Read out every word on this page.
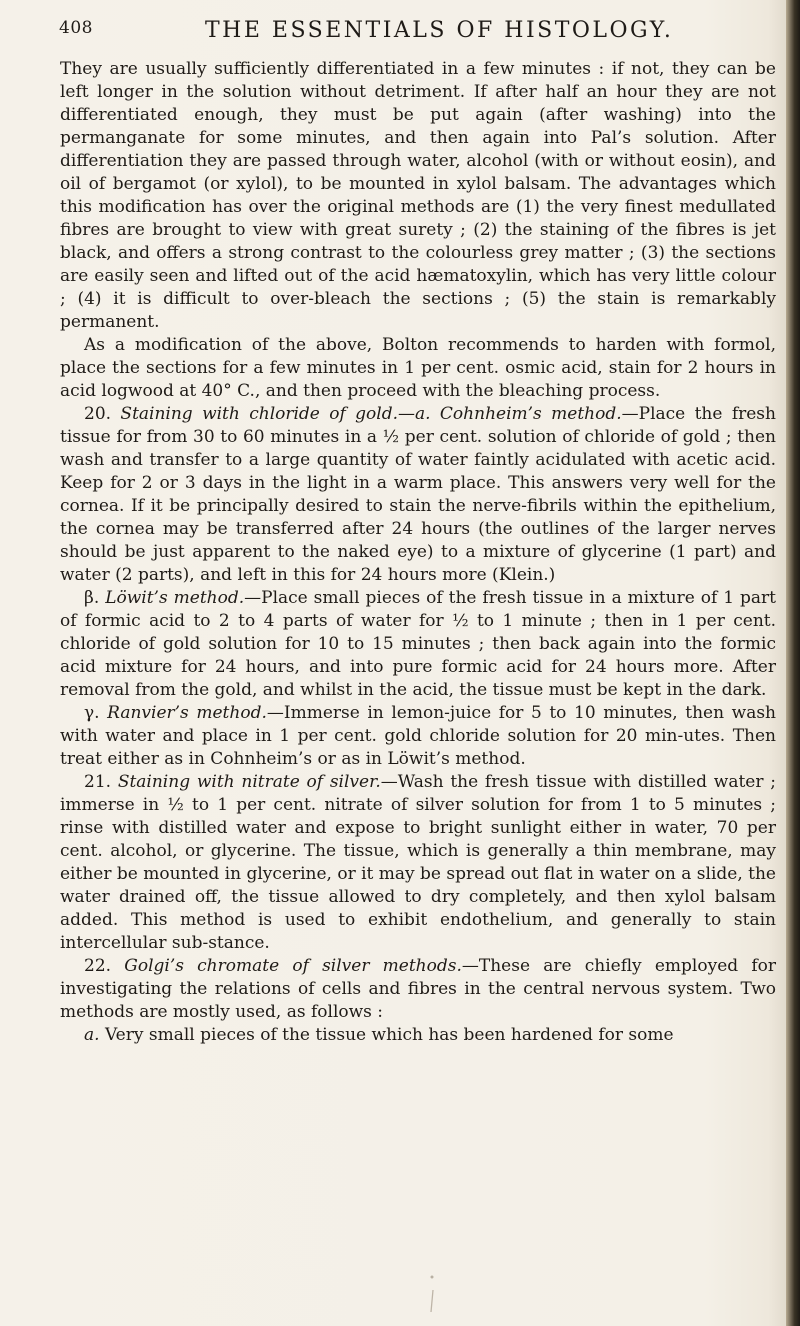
408	THE ESSENTIALS OF HISTOLOGY.

They are usually sufficiently differentiated in a few minutes : if not, they can be left longer in the solution without detriment. If after half an hour they are not differentiated enough, they must be put again (after washing) into the permanganate for some minutes, and then again into Pal’s solution. After differentiation they are passed through water, alcohol (with or without eosin), and oil of bergamot (or xylol), to be mounted in xylol balsam. The advantages which this modification has over the original methods are (1) the very finest medullated fibres are brought to view with great surety ; (2) the staining of the fibres is jet black, and offers a strong contrast to the colourless grey matter ; (3) the sections are easily seen and lifted out of the acid hæmatoxylin, which has very little colour ; (4) it is difficult to over-bleach the sections ; (5) the stain is remarkably permanent.

As a modification of the above, Bolton recommends to harden with formol, place the sections for a few minutes in 1 per cent. osmic acid, stain for 2 hours in acid logwood at 40° C., and then proceed with the bleaching process.

20. Staining with chloride of gold.—a. Cohnheim’s method.—Place the fresh tissue for from 30 to 60 minutes in a ½ per cent. solution of chloride of gold ; then wash and transfer to a large quantity of water faintly acidulated with acetic acid. Keep for 2 or 3 days in the light in a warm place. This answers very well for the cornea. If it be principally desired to stain the nerve-fibrils within the epithelium, the cornea may be transferred after 24 hours (the outlines of the larger nerves should be just apparent to the naked eye) to a mixture of glycerine (1 part) and water (2 parts), and left in this for 24 hours more (Klein.)

β. Löwit’s method.—Place small pieces of the fresh tissue in a mixture of 1 part of formic acid to 2 to 4 parts of water for ½ to 1 minute ; then in 1 per cent. chloride of gold solution for 10 to 15 minutes ; then back again into the formic acid mixture for 24 hours, and into pure formic acid for 24 hours more. After removal from the gold, and whilst in the acid, the tissue must be kept in the dark.

γ. Ranvier’s method.—Immerse in lemon-juice for 5 to 10 minutes, then wash with water and place in 1 per cent. gold chloride solution for 20 min-utes. Then treat either as in Cohnheim’s or as in Löwit’s method.

21. Staining with nitrate of silver.—Wash the fresh tissue with distilled water ; immerse in ½ to 1 per cent. nitrate of silver solution for from 1 to 5 minutes ; rinse with distilled water and expose to bright sunlight either in water, 70 per cent. alcohol, or glycerine. The tissue, which is generally a thin membrane, may either be mounted in glycerine, or it may be spread out flat in water on a slide, the water drained off, the tissue allowed to dry completely, and then xylol balsam added. This method is used to exhibit endothelium, and generally to stain intercellular sub-stance.

22. Golgi’s chromate of silver methods.—These are chiefly employed for investigating the relations of cells and fibres in the central nervous system. Two methods are mostly used, as follows :

a. Very small pieces of the tissue which has been hardened for some
